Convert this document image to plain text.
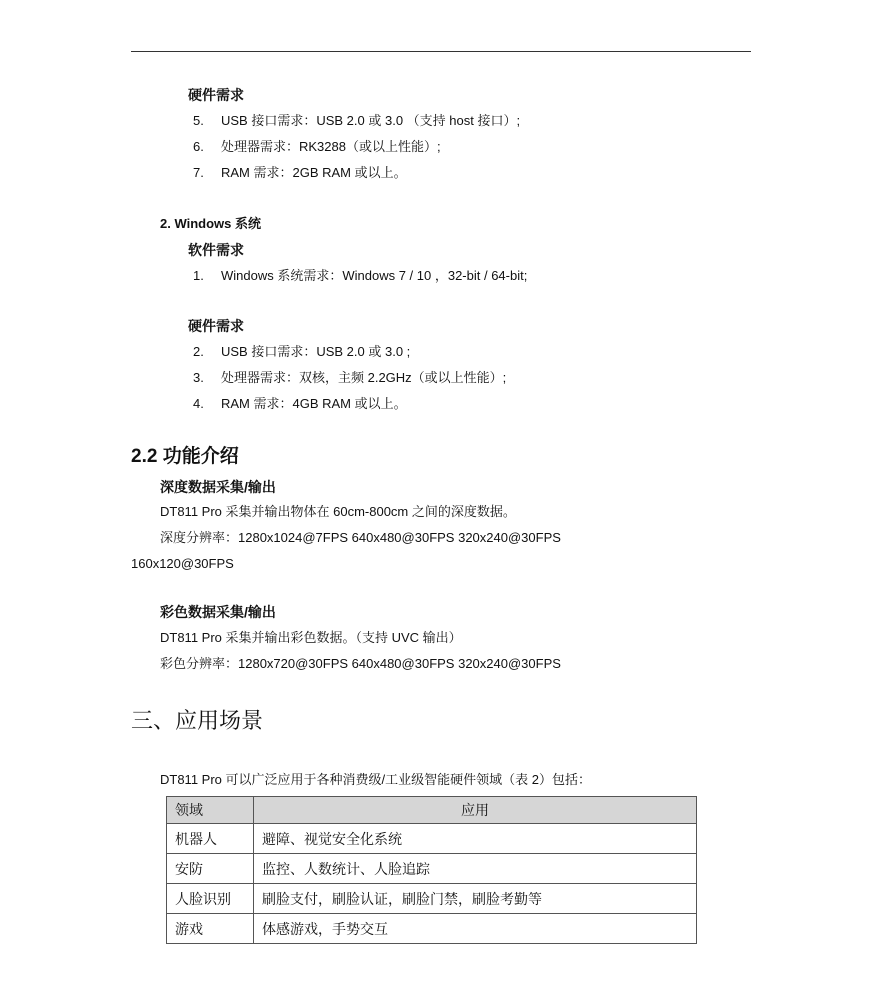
硬件需求
5. USB 接口需求：USB 2.0 或 3.0 （支持 host 接口）;
6. 处理器需求：RK3288（或以上性能）;
7. RAM 需求：2GB RAM 或以上。
2. Windows 系统
软件需求
1. Windows 系统需求：Windows 7 / 10 ，32-bit / 64-bit;
硬件需求
2. USB 接口需求：USB 2.0 或 3.0 ;
3. 处理器需求：双核，主频 2.2GHz（或以上性能）;
4. RAM 需求：4GB RAM 或以上。
2.2 功能介绍
深度数据采集/输出
DT811 Pro 采集并输出物体在 60cm-800cm 之间的深度数据。
深度分辨率：1280x1024@7FPS 640x480@30FPS 320x240@30FPS
160x120@30FPS
彩色数据采集/输出
DT811 Pro 采集并输出彩色数据。（支持 UVC 输出）
彩色分辨率：1280x720@30FPS 640x480@30FPS 320x240@30FPS
三、应用场景
DT811 Pro 可以广泛应用于各种消费级/工业级智能硬件领域（表 2）包括：
领域	应用
机器人	避障、视觉安全化系统
安防	监控、人数统计、人脸追踪
人脸识别	刷脸支付，刷脸认证，刷脸门禁，刷脸考勤等
游戏	体感游戏，手势交互
